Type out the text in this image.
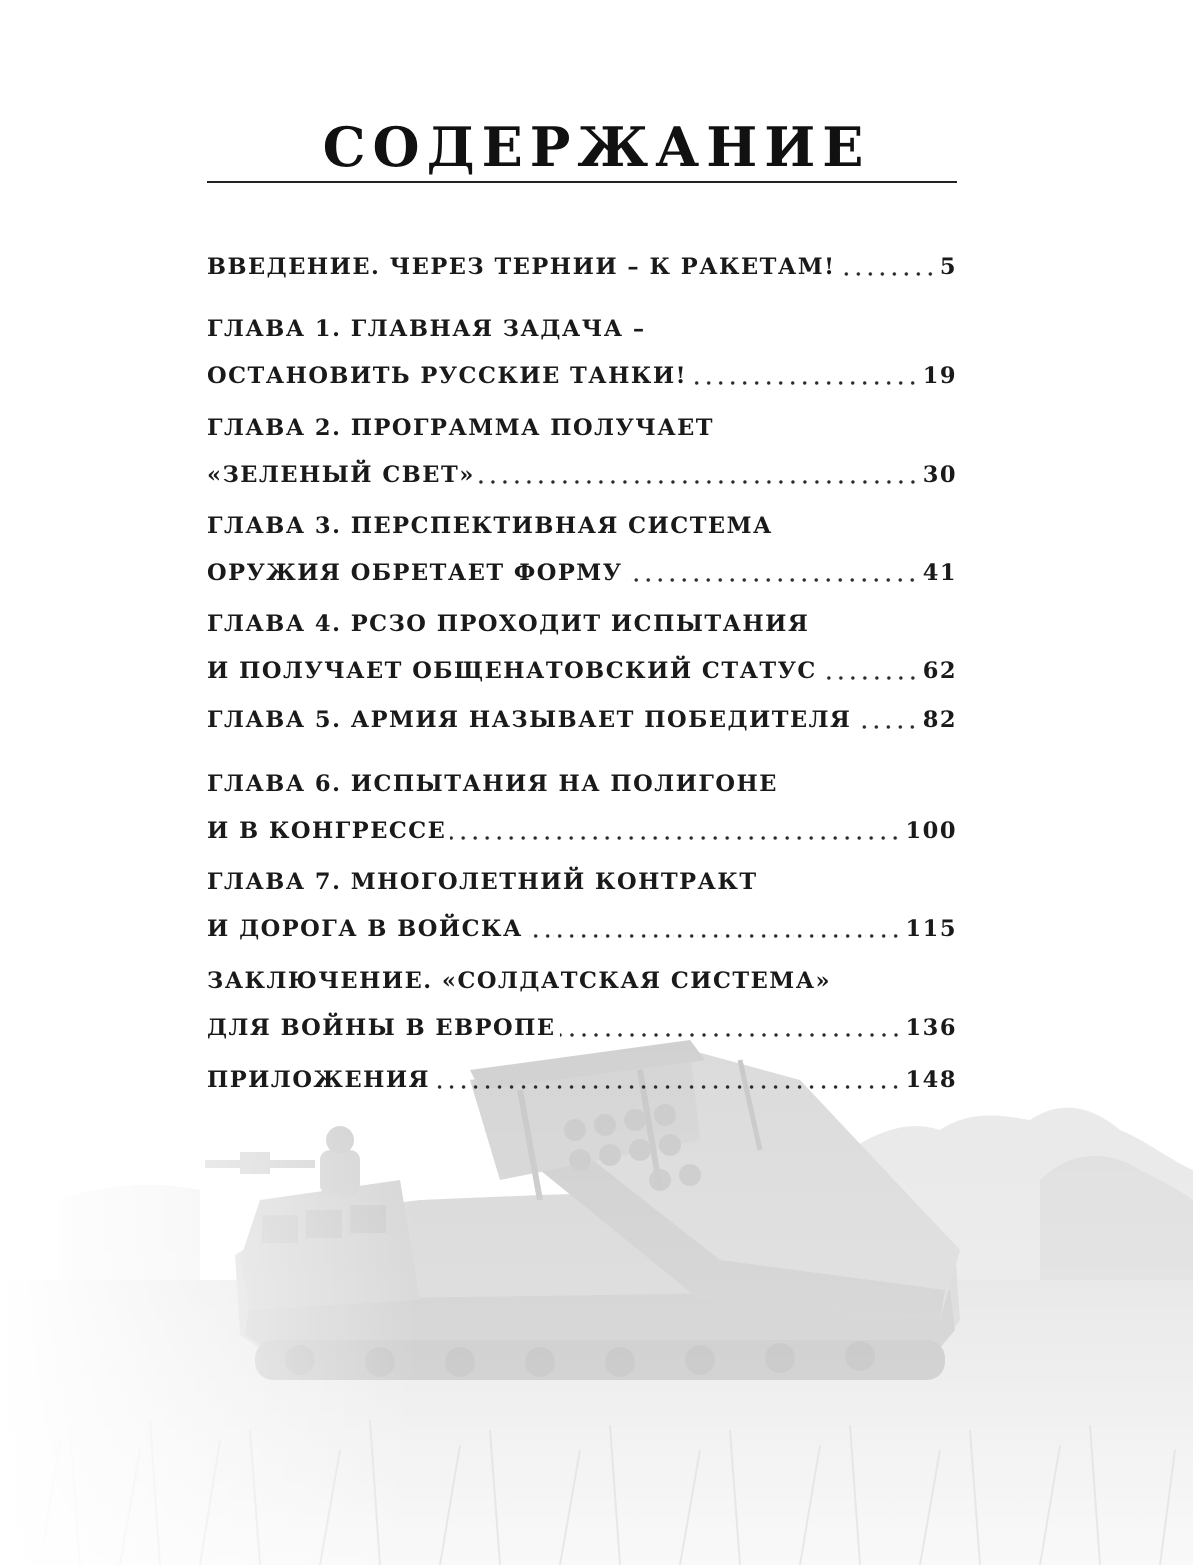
СОДЕРЖАНИЕ
ВВЕДЕНИЕ. ЧЕРЕЗ ТЕРНИИ – К РАКЕТАМ!	5
ГЛАВА 1. ГЛАВНАЯ ЗАДАЧА –
ОСТАНОВИТЬ РУССКИЕ ТАНКИ!	19
ГЛАВА 2. ПРОГРАММА ПОЛУЧАЕТ
«ЗЕЛЕНЫЙ СВЕТ»	30
ГЛАВА 3. ПЕРСПЕКТИВНАЯ СИСТЕМА
ОРУЖИЯ ОБРЕТАЕТ ФОРМУ	41
ГЛАВА 4. РСЗО ПРОХОДИТ ИСПЫТАНИЯ
И ПОЛУЧАЕТ ОБЩЕНАТОВСКИЙ СТАТУС	62
ГЛАВА 5. АРМИЯ НАЗЫВАЕТ ПОБЕДИТЕЛЯ	82
ГЛАВА 6. ИСПЫТАНИЯ НА ПОЛИГОНЕ
И В КОНГРЕССЕ	100
ГЛАВА 7. МНОГОЛЕТНИЙ КОНТРАКТ
И ДОРОГА В ВОЙСКА	115
ЗАКЛЮЧЕНИЕ. «СОЛДАТСКАЯ СИСТЕМА»
ДЛЯ ВОЙНЫ В ЕВРОПЕ	136
ПРИЛОЖЕНИЯ	148
